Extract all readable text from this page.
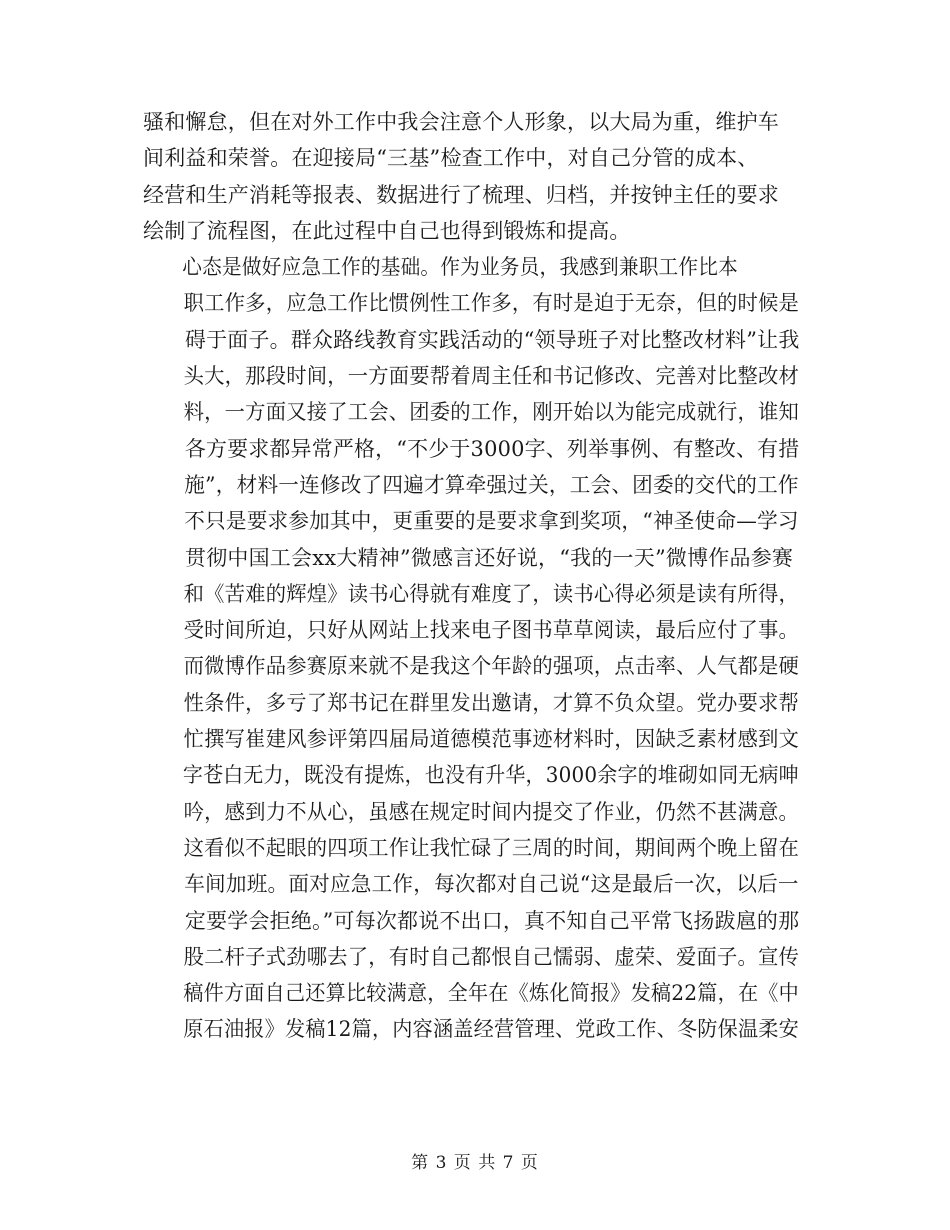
骚和懈怠，但在对外工作中我会注意个人形象，以大局为重，维护车
间利益和荣誉。在迎接局“三基”检查工作中，对自己分管的成本、
经营和生产消耗等报表、数据进行了梳理、归档，并按钟主任的要求
绘制了流程图，在此过程中自己也得到锻炼和提高。

心态是做好应急工作的基础。作为业务员，我感到兼职工作比本
职工作多，应急工作比惯例性工作多，有时是迫于无奈，但的时候是
碍于面子。群众路线教育实践活动的“领导班子对比整改材料”让我
头大，那段时间，一方面要帮着周主任和书记修改、完善对比整改材
料，一方面又接了工会、团委的工作，刚开始以为能完成就行，谁知
各方要求都异常严格，“不少于3000字、列举事例、有整改、有措
施”，材料一连修改了四遍才算牵强过关，工会、团委的交代的工作
不只是要求参加其中，更重要的是要求拿到奖项，“神圣使命—学习
贯彻中国工会xx大精神”微感言还好说，“我的一天”微博作品参赛
和《苦难的辉煌》读书心得就有难度了，读书心得必须是读有所得，
受时间所迫，只好从网站上找来电子图书草草阅读，最后应付了事。
而微博作品参赛原来就不是我这个年龄的强项，点击率、人气都是硬
性条件，多亏了郑书记在群里发出邀请，才算不负众望。党办要求帮
忙撰写崔建风参评第四届局道德模范事迹材料时，因缺乏素材感到文
字苍白无力，既没有提炼，也没有升华，3000余字的堆砌如同无病呻
吟，感到力不从心，虽感在规定时间内提交了作业，仍然不甚满意。
这看似不起眼的四项工作让我忙碌了三周的时间，期间两个晚上留在
车间加班。面对应急工作，每次都对自己说“这是最后一次，以后一
定要学会拒绝。”可每次都说不出口，真不知自己平常飞扬跋扈的那
股二杆子式劲哪去了，有时自己都恨自己懦弱、虚荣、爱面子。宣传
稿件方面自己还算比较满意，全年在《炼化简报》发稿22篇，在《中
原石油报》发稿12篇，内容涵盖经营管理、党政工作、冬防保温柔安

第 3 页 共 7 页
